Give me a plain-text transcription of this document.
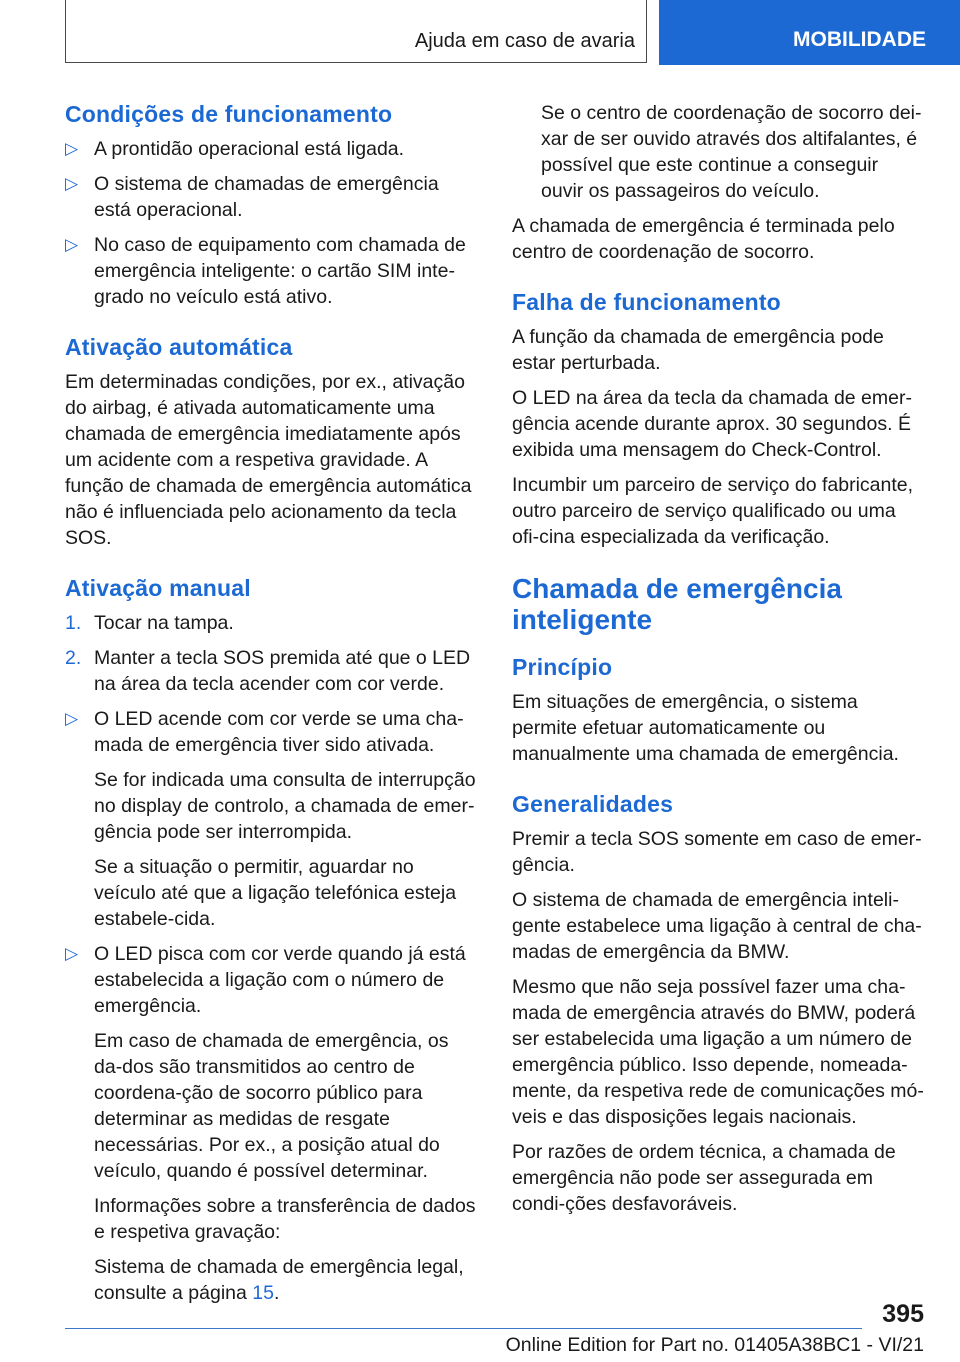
Ajuda em caso de avaria	MOBILIDADE
Condições de funcionamento

▷ A prontidão operacional está ligada.

▷ O sistema de chamadas de emergência está operacional.

▷ No caso de equipamento com chamada de emergência inteligente: o cartão SIM inte-grado no veículo está ativo.

Ativação automática

Em determinadas condições, por ex., ativação do airbag, é ativada automaticamente uma chamada de emergência imediatamente após um acidente com a respetiva gravidade. A função de chamada de emergência automática não é influenciada pelo acionamento da tecla SOS.

Ativação manual

1. Tocar na tampa.

2. Manter a tecla SOS premida até que o LED na área da tecla acender com cor verde.

▷ O LED acende com cor verde se uma cha-mada de emergência tiver sido ativada.

Se for indicada uma consulta de interrupção no display de controlo, a chamada de emer-gência pode ser interrompida.

Se a situação o permitir, aguardar no veículo até que a ligação telefónica esteja estabele-cida.

▷ O LED pisca com cor verde quando já está estabelecida a ligação com o número de emergência.

Em caso de chamada de emergência, os da-dos são transmitidos ao centro de coordena-ção de socorro público para determinar as medidas de resgate necessárias. Por ex., a posição atual do veículo, quando é possível determinar.

Informações sobre a transferência de dados e respetiva gravação:

Sistema de chamada de emergência legal, consulte a página 15.

Se o centro de coordenação de socorro dei-xar de ser ouvido através dos altifalantes, é possível que este continue a conseguir ouvir os passageiros do veículo.

A chamada de emergência é terminada pelo centro de coordenação de socorro.

Falha de funcionamento

A função da chamada de emergência pode estar perturbada.

O LED na área da tecla da chamada de emer-gência acende durante aprox. 30 segundos. É exibida uma mensagem do Check-Control.

Incumbir um parceiro de serviço do fabricante, outro parceiro de serviço qualificado ou uma ofi-cina especializada da verificação.

Chamada de emergência inteligente
Princípio

Em situações de emergência, o sistema permite efetuar automaticamente ou manualmente uma chamada de emergência.

Generalidades

Premir a tecla SOS somente em caso de emer-gência.

O sistema de chamada de emergência inteli-gente estabelece uma ligação à central de cha-madas de emergência da BMW.

Mesmo que não seja possível fazer uma cha-mada de emergência através do BMW, poderá ser estabelecida uma ligação a um número de emergência público. Isso depende, nomeada-mente, da respetiva rede de comunicações mó-veis e das disposições legais nacionais.

Por razões de ordem técnica, a chamada de emergência não pode ser assegurada em condi-ções desfavoráveis.

395
Online Edition for Part no. 01405A38BC1 - VI/21
